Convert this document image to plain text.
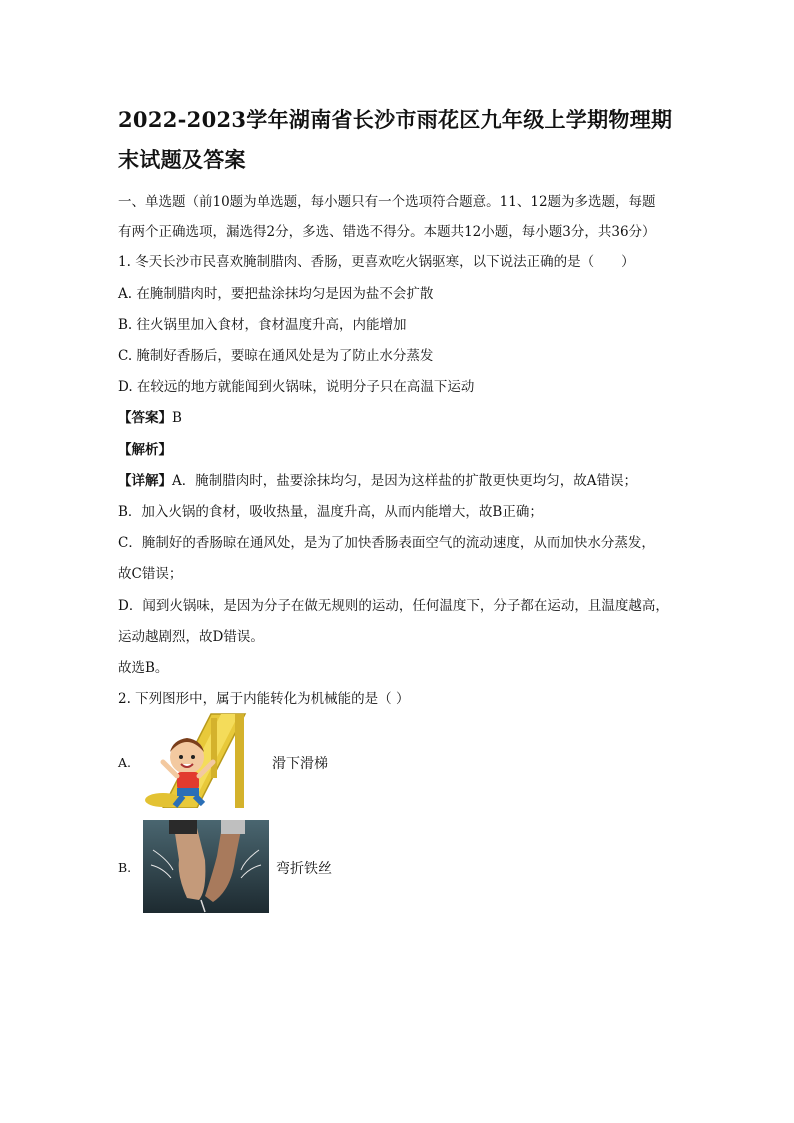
2022-2023学年湖南省长沙市雨花区九年级上学期物理期末试题及答案
一、单选题（前10题为单选题，每小题只有一个选项符合题意。11、12题为多选题，每题
有两个正确选项，漏选得2分，多选、错选不得分。本题共12小题，每小题3分，共36分）
1. 冬天长沙市民喜欢腌制腊肉、香肠，更喜欢吃火锅驱寒，以下说法正确的是（　　）
A. 在腌制腊肉时，要把盐涂抹均匀是因为盐不会扩散
B. 往火锅里加入食材，食材温度升高，内能增加
C. 腌制好香肠后，要晾在通风处是为了防止水分蒸发
D. 在较远的地方就能闻到火锅味，说明分子只在高温下运动
【答案】B
【解析】
【详解】A．腌制腊肉时，盐要涂抹均匀，是因为这样盐的扩散更快更均匀，故A错误；
B．加入火锅的食材，吸收热量，温度升高，从而内能增大，故B正确；
C．腌制好的香肠晾在通风处，是为了加快香肠表面空气的流动速度，从而加快水分蒸发，
故C错误；
D．闻到火锅味，是因为分子在做无规则的运动，任何温度下，分子都在运动，且温度越高，
运动越剧烈，故D错误。
故选B。
2. 下列图形中，属于内能转化为机械能的是（ ）
A.	滑下滑梯
B.	弯折铁丝
